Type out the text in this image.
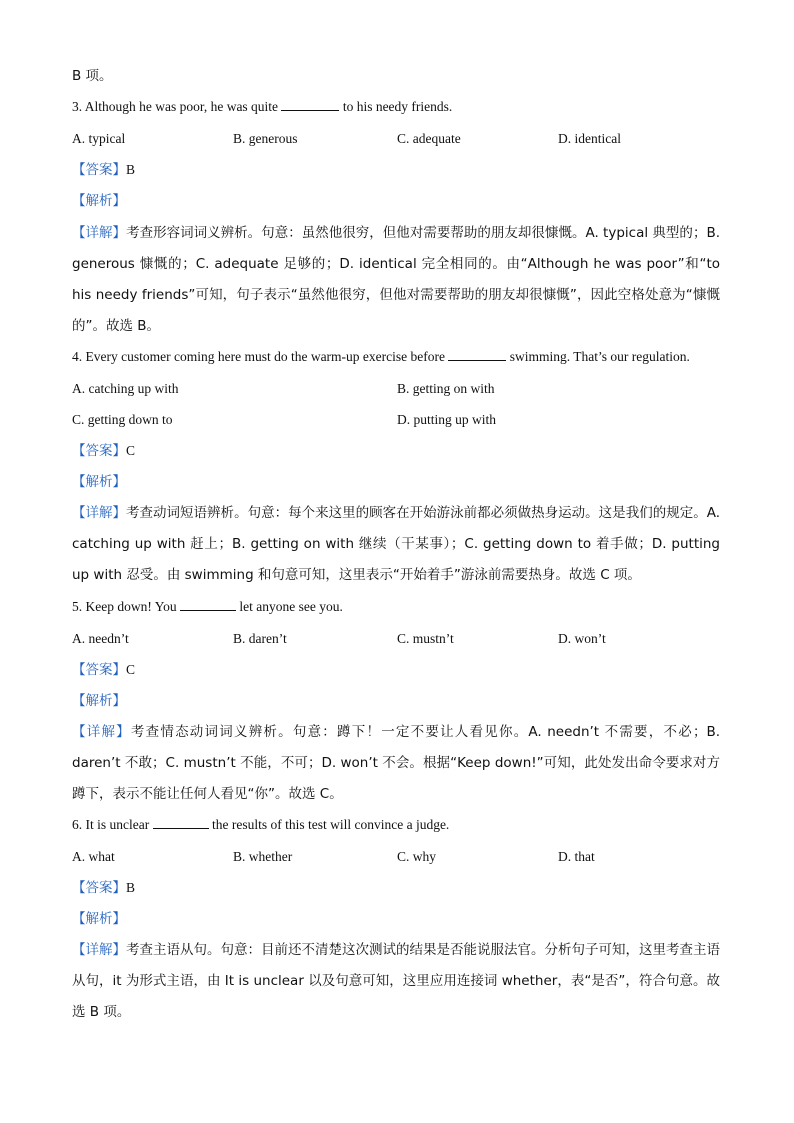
B 项。
3. Although he was poor, he was quite	to his needy friends.
A. typical	B. generous	C. adequate	D. identical
【答案】B
【解析】
【详解】考查形容词词义辨析。句意：虽然他很穷，但他对需要帮助的朋友却很慷慨。A. typical 典型的；B. generous 慷慨的；C. adequate 足够的；D. identical 完全相同的。由“Although he was poor”和“to his needy friends”可知，句子表示“虽然他很穷，但他对需要帮助的朋友却很慷慨”，因此空格处意为“慷慨的”。故选 B。
4. Every customer coming here must do the warm-up exercise before	swimming. That’s our regulation.
A. catching up with	B. getting on with
C. getting down to	D. putting up with
【答案】C
【解析】
【详解】考查动词短语辨析。句意：每个来这里的顾客在开始游泳前都必须做热身运动。这是我们的规定。A. catching up with 赶上；B. getting on with 继续（干某事）；C. getting down to 着手做；D. putting up with 忍受。由 swimming 和句意可知，这里表示“开始着手”游泳前需要热身。故选 C 项。
5. Keep down! You	let anyone see you.
A. needn’t	B. daren’t	C. mustn’t	D. won’t
【答案】C
【解析】
【详解】考查情态动词词义辨析。句意：蹲下！一定不要让人看见你。A. needn’t 不需要，不必；B. daren’t 不敢；C. mustn’t 不能，不可；D. won’t 不会。根据“Keep down!”可知，此处发出命令要求对方蹲下，表示不能让任何人看见“你”。故选 C。
6. It is unclear	the results of this test will convince a judge.
A. what	B. whether	C. why	D. that
【答案】B
【解析】
【详解】考查主语从句。句意：目前还不清楚这次测试的结果是否能说服法官。分析句子可知，这里考查主语从句，it 为形式主语，由 It is unclear 以及句意可知，这里应用连接词 whether，表“是否”，符合句意。故选 B 项。
